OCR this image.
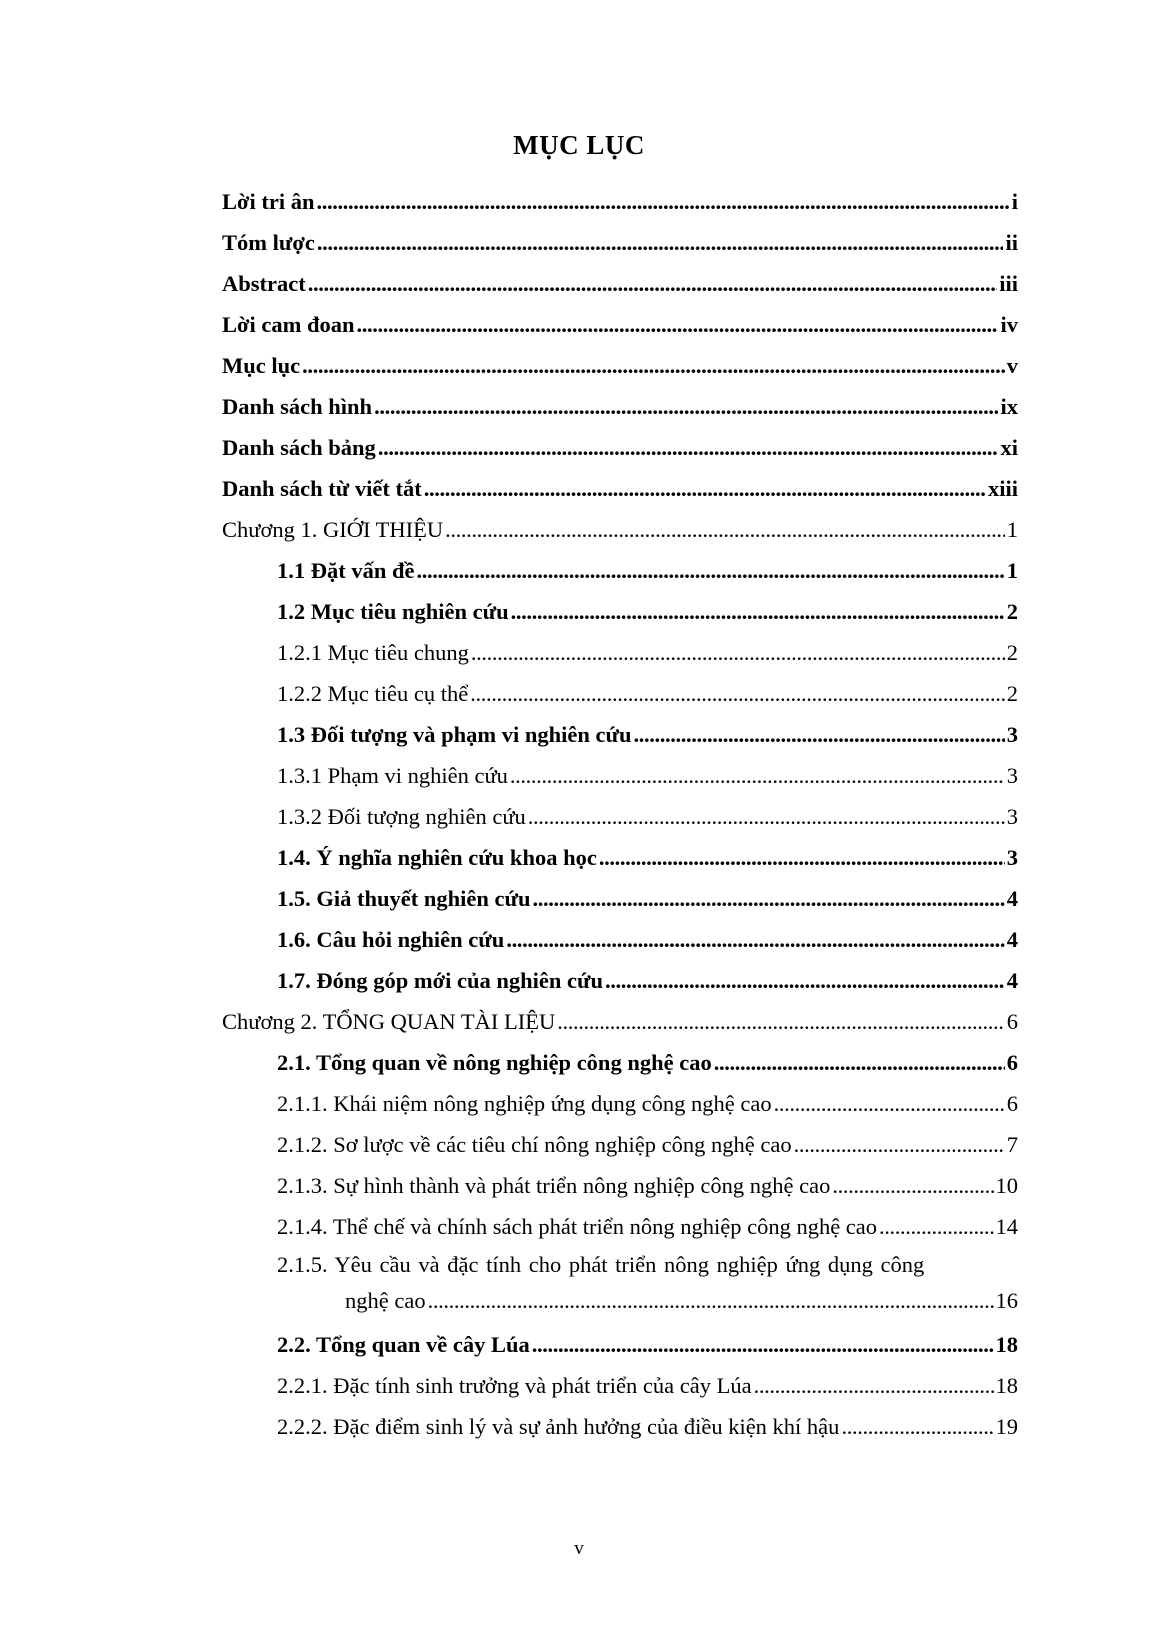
MỤC LỤC
Lời tri ân . . .	i
Tóm lược . . .	ii
Abstract . . .	iii
Lời cam đoan . . .	iv
Mục lục . . .	v
Danh sách hình . . .	ix
Danh sách bảng . . .	xi
Danh sách từ viết tắt . . .	xiii
Chương 1. GIỚI THIỆU . . .	1
1.1 Đặt vấn đề . . .	1
1.2 Mục tiêu nghiên cứu . . .	2
1.2.1 Mục tiêu chung . . .	2
1.2.2 Mục tiêu cụ thể . . .	2
1.3 Đối tượng và phạm vi nghiên cứu . . .	3
1.3.1 Phạm vi nghiên cứu . . .	3
1.3.2 Đối tượng nghiên cứu . . .	3
1.4. Ý nghĩa nghiên cứu khoa học . . .	3
1.5. Giả thuyết nghiên cứu . . .	4
1.6. Câu hỏi nghiên cứu . . .	4
1.7. Đóng góp mới của nghiên cứu . . .	4
Chương 2. TỔNG QUAN TÀI LIỆU . . .	6
2.1. Tổng quan về nông nghiệp công nghệ cao . . .	6
2.1.1. Khái niệm nông nghiệp ứng dụng công nghệ cao . . .	6
2.1.2. Sơ lược về các tiêu chí nông nghiệp công nghệ cao . . .	7
2.1.3. Sự hình thành và phát triển nông nghiệp công nghệ cao . . .	10
2.1.4. Thể chế và chính sách phát triển nông nghiệp công nghệ cao . . .	14
2.1.5. Yêu cầu và đặc tính cho phát triển nông nghiệp ứng dụng công
nghệ cao . . .	16
2.2. Tổng quan về cây Lúa . . .	18
2.2.1. Đặc tính sinh trưởng và phát triển của cây Lúa . . .	18
2.2.2. Đặc điểm sinh lý và sự ảnh hưởng của điều kiện khí hậu . . .	19
v
